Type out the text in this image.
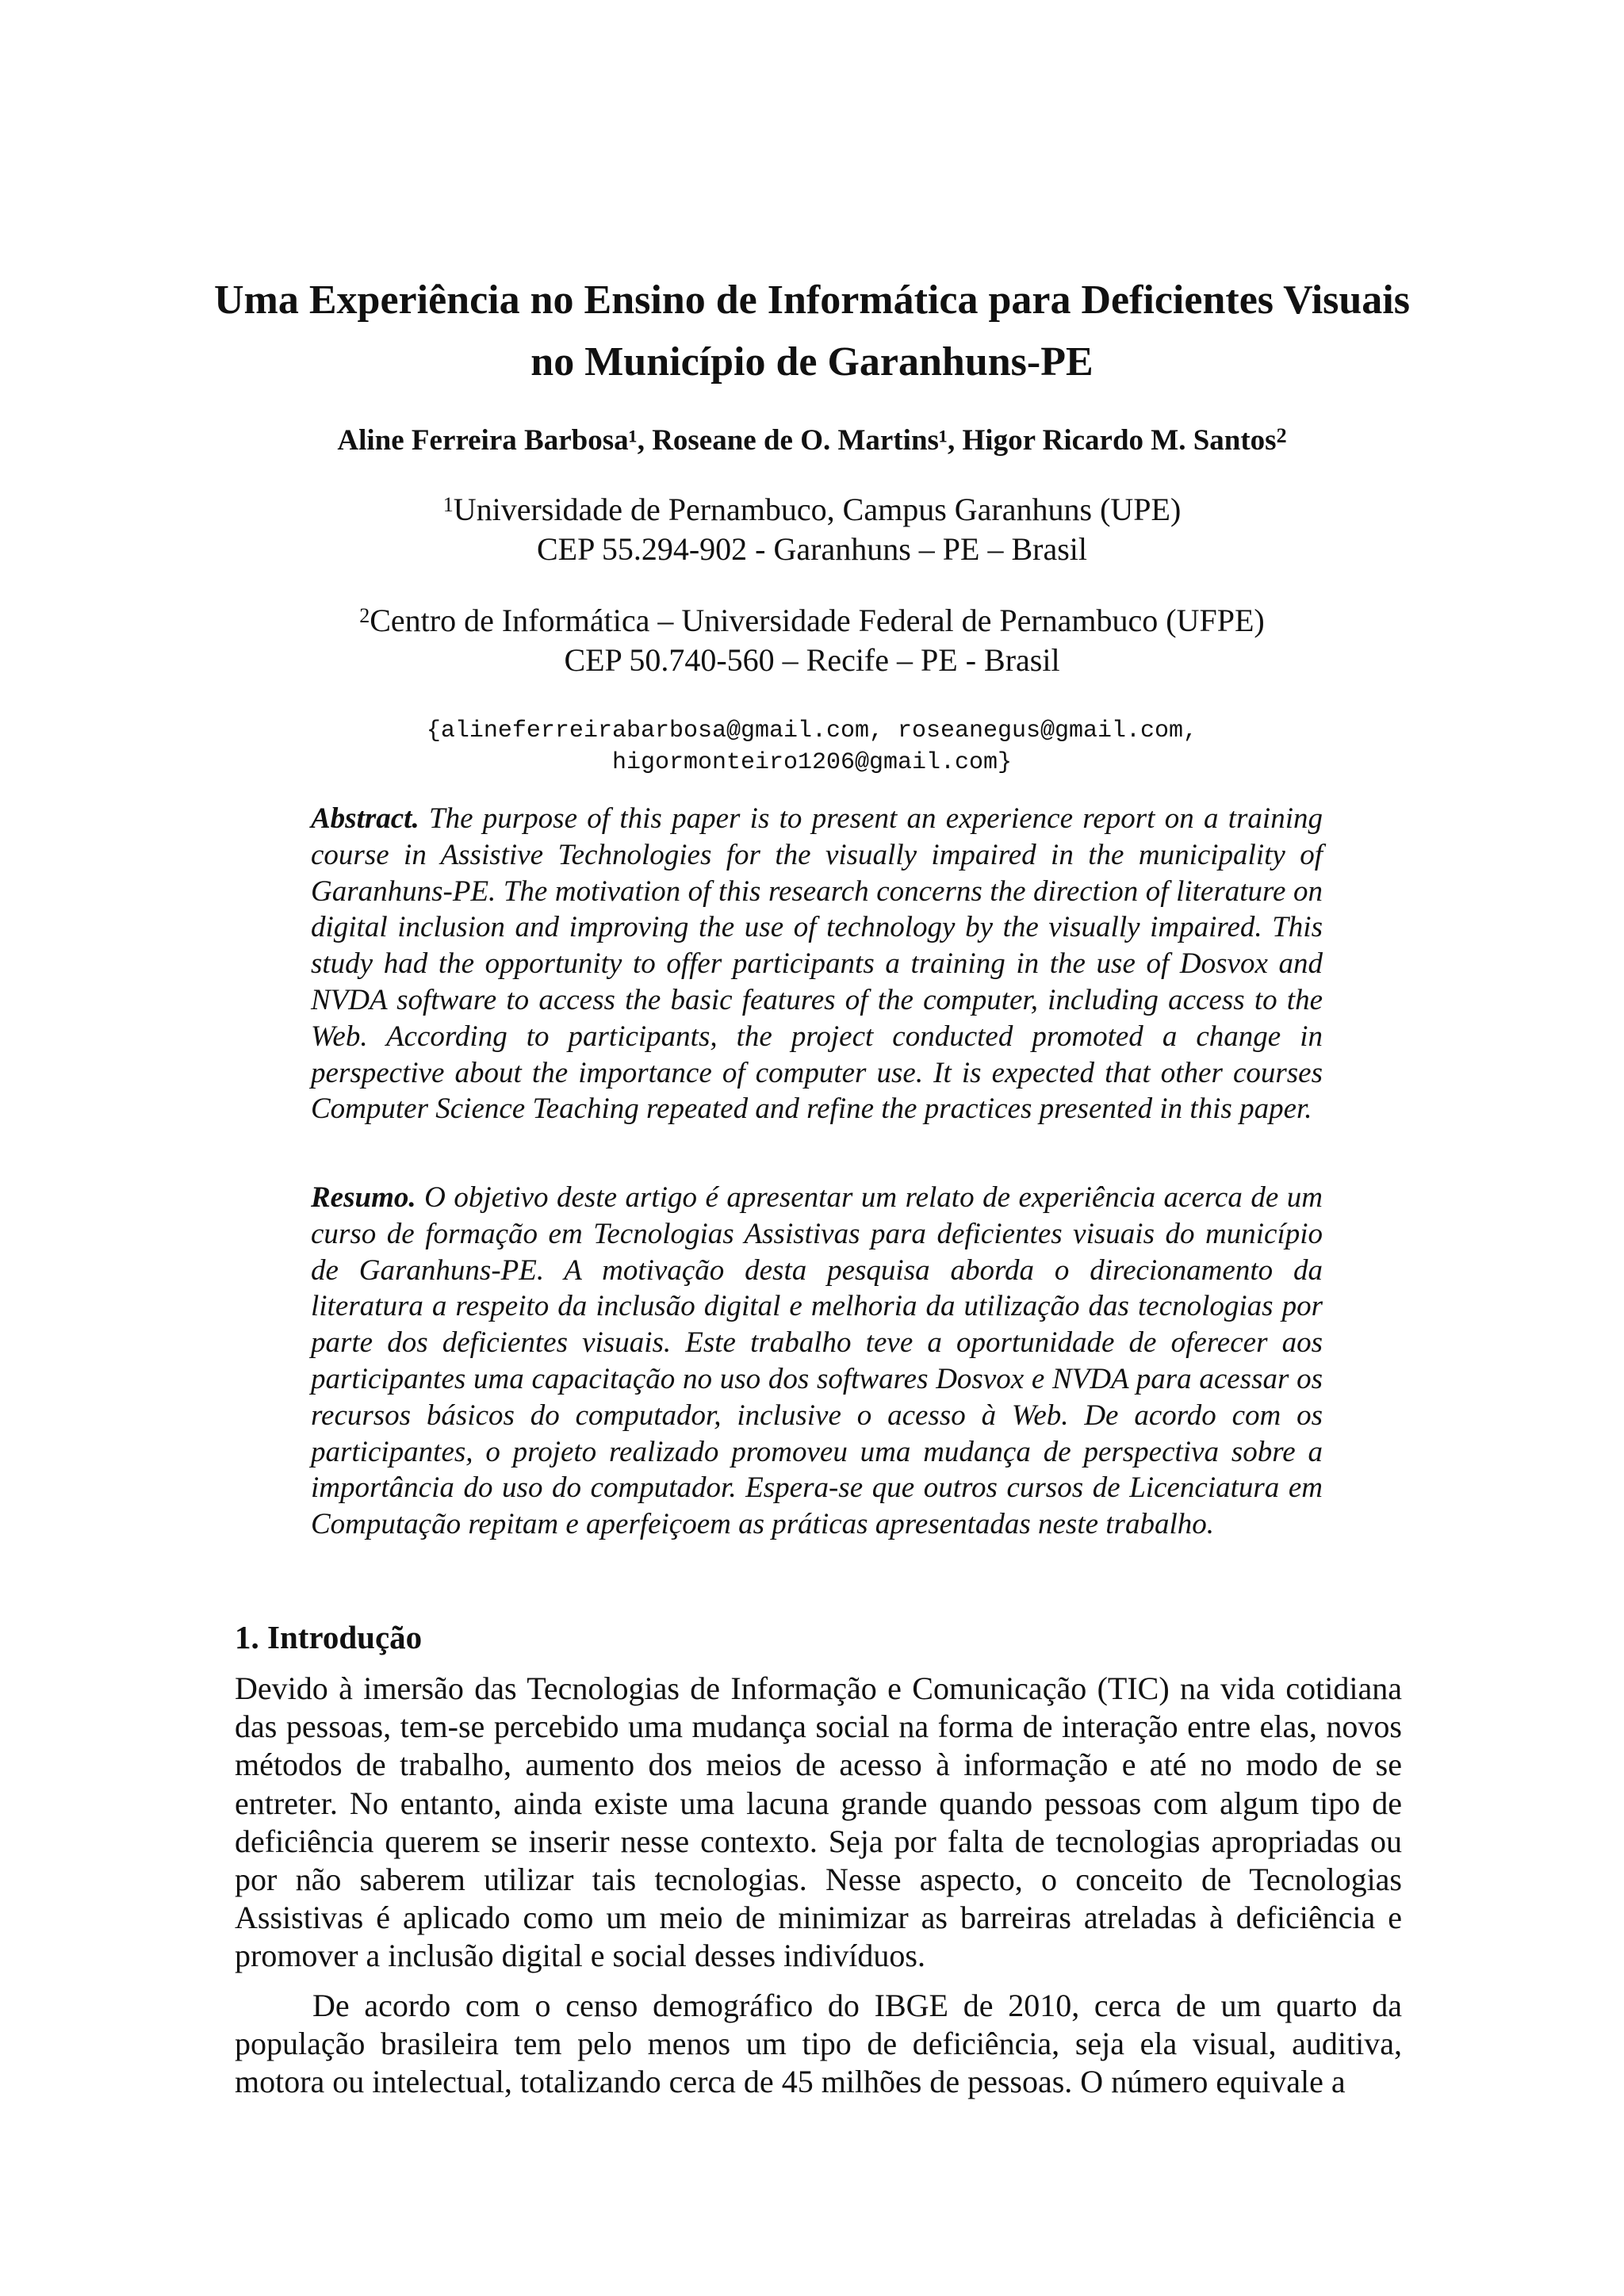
Uma Experiência no Ensino de Informática para Deficientes Visuais no Município de Garanhuns-PE
Aline Ferreira Barbosa¹, Roseane de O. Martins¹, Higor Ricardo M. Santos$^2$
$^1$Universidade de Pernambuco, Campus Garanhuns (UPE)
CEP 55.294-902 - Garanhuns – PE – Brasil
$^2$Centro de Informática – Universidade Federal de Pernambuco (UFPE)
CEP 50.740-560 – Recife – PE - Brasil
{alineferreirabarbosa@gmail.com, roseanegus@gmail.com,
higormonteiro1206@gmail.com}
Abstract. The purpose of this paper is to present an experience report on a training course in Assistive Technologies for the visually impaired in the municipality of Garanhuns-PE. The motivation of this research concerns the direction of literature on digital inclusion and improving the use of technology by the visually impaired. This study had the opportunity to offer participants a training in the use of Dosvox and NVDA software to access the basic features of the computer, including access to the Web. According to participants, the project conducted promoted a change in perspective about the importance of computer use. It is expected that other courses Computer Science Teaching repeated and refine the practices presented in this paper.
Resumo. O objetivo deste artigo é apresentar um relato de experiência acerca de um curso de formação em Tecnologias Assistivas para deficientes visuais do município de Garanhuns-PE. A motivação desta pesquisa aborda o direcionamento da literatura a respeito da inclusão digital e melhoria da utilização das tecnologias por parte dos deficientes visuais. Este trabalho teve a oportunidade de oferecer aos participantes uma capacitação no uso dos softwares Dosvox e NVDA para acessar os recursos básicos do computador, inclusive o acesso à Web. De acordo com os participantes, o projeto realizado promoveu uma mudança de perspectiva sobre a importância do uso do computador. Espera-se que outros cursos de Licenciatura em Computação repitam e aperfeiçoem as práticas apresentadas neste trabalho.
1. Introdução
Devido à imersão das Tecnologias de Informação e Comunicação (TIC) na vida cotidiana das pessoas, tem-se percebido uma mudança social na forma de interação entre elas, novos métodos de trabalho, aumento dos meios de acesso à informação e até no modo de se entreter. No entanto, ainda existe uma lacuna grande quando pessoas com algum tipo de deficiência querem se inserir nesse contexto. Seja por falta de tecnologias apropriadas ou por não saberem utilizar tais tecnologias. Nesse aspecto, o conceito de Tecnologias Assistivas é aplicado como um meio de minimizar as barreiras atreladas à deficiência e promover a inclusão digital e social desses indivíduos.
De acordo com o censo demográfico do IBGE de 2010, cerca de um quarto da população brasileira tem pelo menos um tipo de deficiência, seja ela visual, auditiva, motora ou intelectual, totalizando cerca de 45 milhões de pessoas. O número equivale a
